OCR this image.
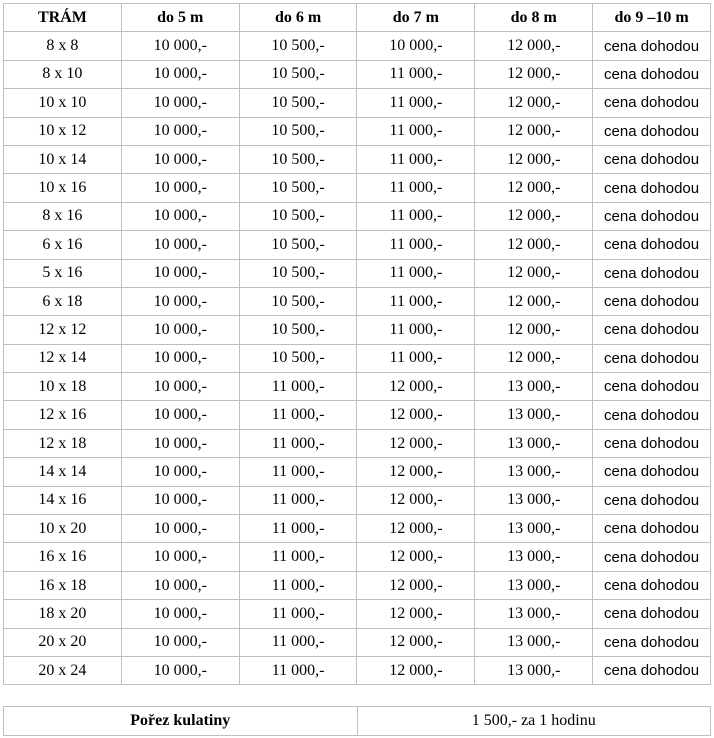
TRÁM	do 5 m	do 6 m	do 7 m	do 8 m	do 9 –10 m
8 x 8	10 000,-	10 500,-	10 000,-	12 000,-	cena dohodou
8 x 10	10 000,-	10 500,-	11 000,-	12 000,-	cena dohodou
10 x 10	10 000,-	10 500,-	11 000,-	12 000,-	cena dohodou
10 x 12	10 000,-	10 500,-	11 000,-	12 000,-	cena dohodou
10 x 14	10 000,-	10 500,-	11 000,-	12 000,-	cena dohodou
10 x 16	10 000,-	10 500,-	11 000,-	12 000,-	cena dohodou
8 x 16	10 000,-	10 500,-	11 000,-	12 000,-	cena dohodou
6 x 16	10 000,-	10 500,-	11 000,-	12 000,-	cena dohodou
5 x 16	10 000,-	10 500,-	11 000,-	12 000,-	cena dohodou
6 x 18	10 000,-	10 500,-	11 000,-	12 000,-	cena dohodou
12 x 12	10 000,-	10 500,-	11 000,-	12 000,-	cena dohodou
12 x 14	10 000,-	10 500,-	11 000,-	12 000,-	cena dohodou
10 x 18	10 000,-	11 000,-	12 000,-	13 000,-	cena dohodou
12 x 16	10 000,-	11 000,-	12 000,-	13 000,-	cena dohodou
12 x 18	10 000,-	11 000,-	12 000,-	13 000,-	cena dohodou
14 x 14	10 000,-	11 000,-	12 000,-	13 000,-	cena dohodou
14 x 16	10 000,-	11 000,-	12 000,-	13 000,-	cena dohodou
10 x 20	10 000,-	11 000,-	12 000,-	13 000,-	cena dohodou
16 x 16	10 000,-	11 000,-	12 000,-	13 000,-	cena dohodou
16 x 18	10 000,-	11 000,-	12 000,-	13 000,-	cena dohodou
18 x 20	10 000,-	11 000,-	12 000,-	13 000,-	cena dohodou
20 x 20	10 000,-	11 000,-	12 000,-	13 000,-	cena dohodou
20 x 24	10 000,-	11 000,-	12 000,-	13 000,-	cena dohodou
Pořez kulatiny	1 500,- za 1 hodinu
